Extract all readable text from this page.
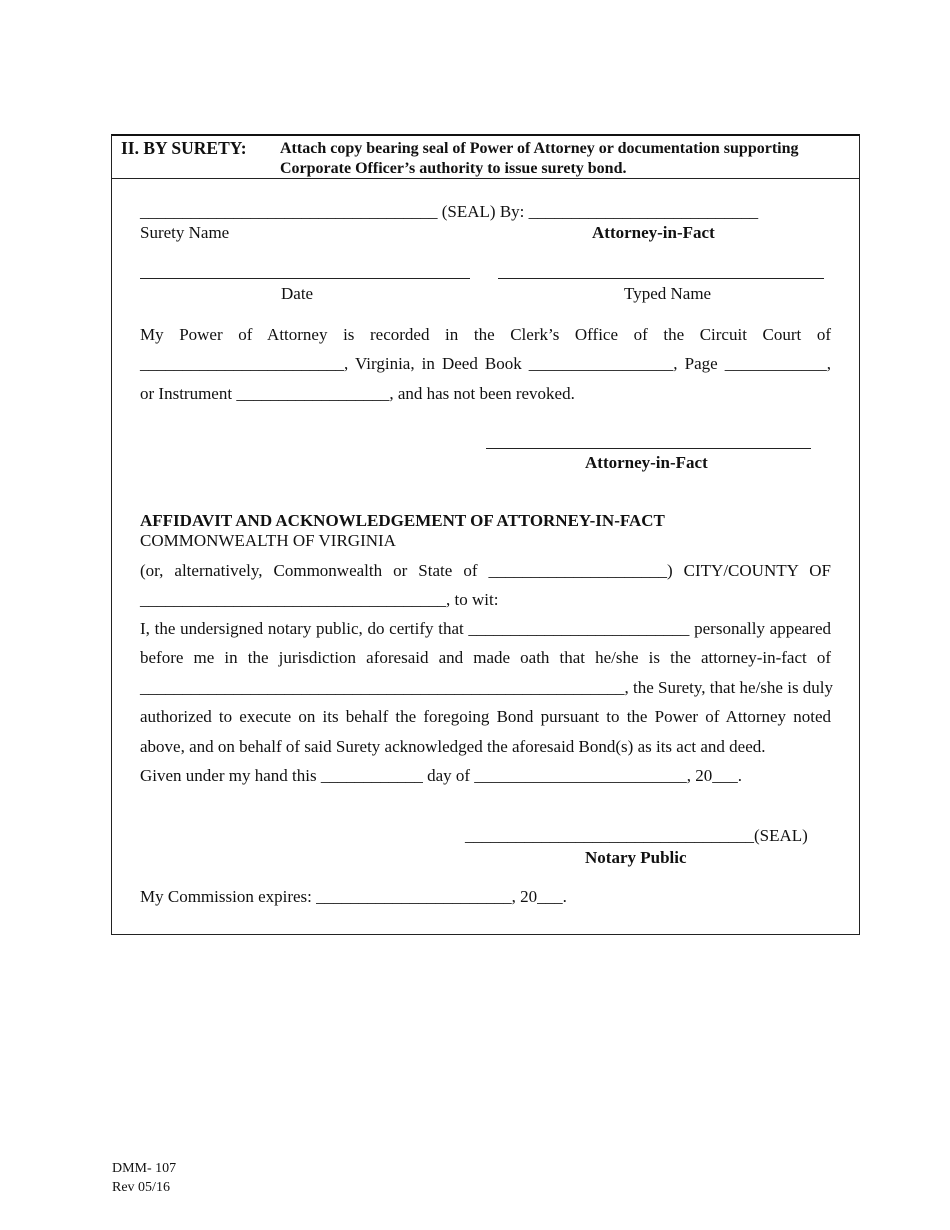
II. BY SURETY: Attach copy bearing seal of Power of Attorney or documentation supporting
Corporate Officer’s authority to issue surety bond.
___________________________________ (SEAL) By: ___________________________
Surety Name	Attorney-in-Fact
Date	Typed Name
My Power of Attorney is recorded in the Clerk’s Office of the Circuit Court of
________________________, Virginia, in Deed Book _________________, Page ____________,
or Instrument __________________, and has not been revoked.
Attorney-in-Fact
AFFIDAVIT AND ACKNOWLEDGEMENT OF ATTORNEY-IN-FACT
COMMONWEALTH OF VIRGINIA
(or, alternatively, Commonwealth or State of _____________________) CITY/COUNTY OF
____________________________________, to wit:
I, the undersigned notary public, do certify that __________________________ personally appeared
before me in the jurisdiction aforesaid and made oath that he/she is the attorney-in-fact of
_________________________________________________________, the Surety, that he/she is duly
authorized to execute on its behalf the foregoing Bond pursuant to the Power of Attorney noted
above, and on behalf of said Surety acknowledged the aforesaid Bond(s) as its act and deed.
Given under my hand this ____________ day of _________________________, 20___.
__________________________________(SEAL)
Notary Public
My Commission expires: _______________________, 20___.
DMM- 107
Rev 05/16
